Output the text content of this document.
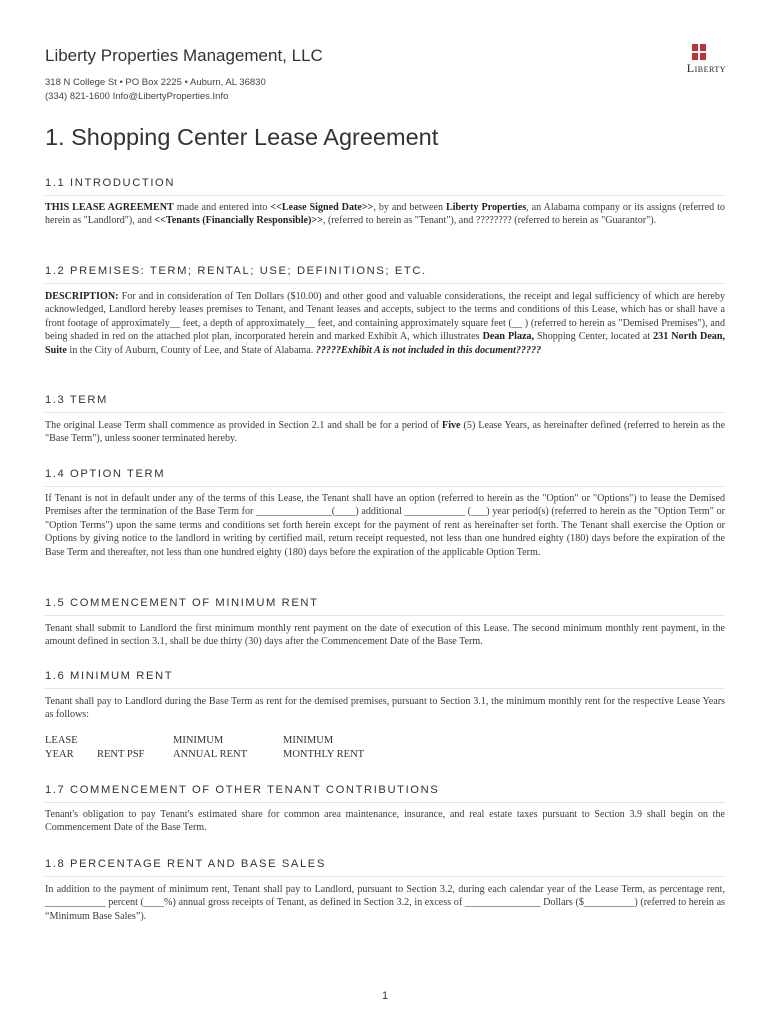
Liberty Properties Management, LLC
318 N College St • PO Box 2225 • Auburn, AL 36830
(334) 821-1600 Info@LibertyProperties.Info
Liberty
1. Shopping Center Lease Agreement
1.1 INTRODUCTION

THIS LEASE AGREEMENT made and entered into <<Lease Signed Date>>, by and between Liberty Properties, an Alabama company or its assigns (referred to herein as "Landlord"), and <<Tenants (Financially Responsible)>>, (referred to herein as "Tenant"), and ???????? (referred to herein as "Guarantor").

1.2 PREMISES: TERM; RENTAL; USE; DEFINITIONS; ETC.

DESCRIPTION: For and in consideration of Ten Dollars ($10.00) and other good and valuable considerations, the receipt and legal sufficiency of which are hereby acknowledged, Landlord hereby leases premises to Tenant, and Tenant leases and accepts, subject to the terms and conditions of this Lease, which has or shall have a front footage of approximately__ feet, a depth of approximately__ feet, and containing approximately square feet (__ ) (referred to herein as "Demised Premises"), and being shaded in red on the attached plot plan, incorporated herein and marked Exhibit A, which illustrates Dean Plaza, Shopping Center, located at 231 North Dean, Suite in the City of Auburn, County of Lee, and State of Alabama. ?????Exhibit A is not included in this document?????

1.3 TERM

The original Lease Term shall commence as provided in Section 2.1 and shall be for a period of Five (5) Lease Years, as hereinafter defined (referred to herein as the "Base Term"), unless sooner terminated hereby.

1.4 OPTION TERM

If Tenant is not in default under any of the terms of this Lease, the Tenant shall have an option (referred to herein as the "Option" or "Options") to lease the Demised Premises after the termination of the Base Term for _______________(____) additional ____________ (___) year period(s) (referred to herein as the "Option Term" or "Option Terms") upon the same terms and conditions set forth herein except for the payment of rent as hereinafter set forth. The Tenant shall exercise the Option or Options by giving notice to the landlord in writing by certified mail, return receipt requested, not less than one hundred eighty (180) days before the expiration of the Base Term and thereafter, not less than one hundred eighty (180) days before the expiration of the applicable Option Term.

1.5 COMMENCEMENT OF MINIMUM RENT

Tenant shall submit to Landlord the first minimum monthly rent payment on the date of execution of this Lease. The second minimum monthly rent payment, in the amount defined in section 3.1, shall be due thirty (30) days after the Commencement Date of the Base Term.

1.6 MINIMUM RENT

Tenant shall pay to Landlord during the Base Term as rent for the demised premises, pursuant to Section 3.1, the minimum monthly rent for the respective Lease Years as follows:

LEASE
YEAR
	RENT PSF
MINIMUM
ANNUAL RENT
MINIMUM
MONTHLY RENT
1.7 COMMENCEMENT OF OTHER TENANT CONTRIBUTIONS

Tenant's obligation to pay Tenant's estimated share for common area maintenance, insurance, and real estate taxes pursuant to Section 3.9 shall begin on the Commencement Date of the Base Term.

1.8 PERCENTAGE RENT AND BASE SALES

In addition to the payment of minimum rent, Tenant shall pay to Landlord, pursuant to Section 3.2, during each calendar year of the Lease Term, as percentage rent, ____________ percent (____%) annual gross receipts of Tenant, as defined in Section 3.2, in excess of _______________ Dollars ($__________) (referred to herein as “Minimum Base Sales”).

1
